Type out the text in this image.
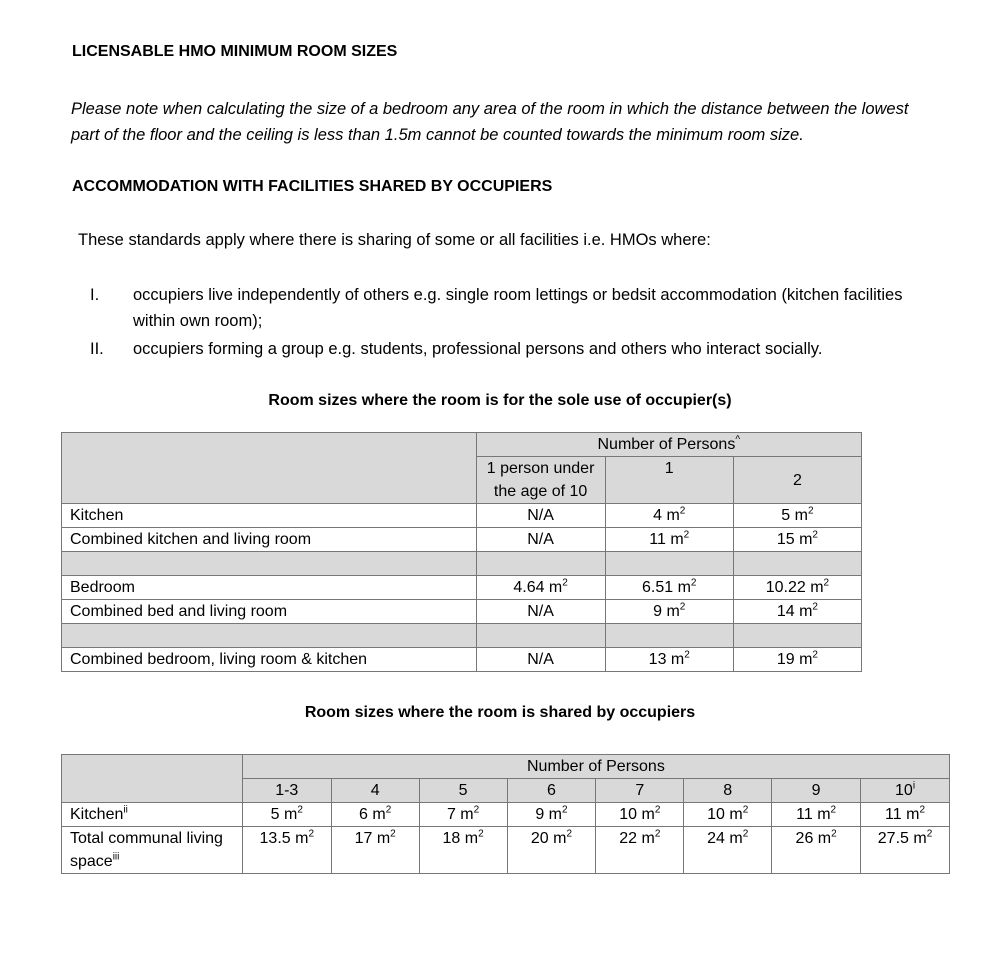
LICENSABLE HMO MINIMUM ROOM SIZES
Please note when calculating the size of a bedroom any area of the room in which the distance between the lowest part of the floor and the ceiling is less than 1.5m cannot be counted towards the minimum room size.
ACCOMMODATION WITH FACILITIES SHARED BY OCCUPIERS
These standards apply where there is sharing of some or all facilities i.e. HMOs where:
I. occupiers live independently of others e.g. single room lettings or bedsit accommodation (kitchen facilities within own room);
II. occupiers forming a group e.g. students, professional persons and others who interact socially.
Room sizes where the room is for the sole use of occupier(s)
	Number of Persons^
	1 person under the age of 10	1	2
Kitchen	N/A	4 $m^2$	5 $m^2$
Combined kitchen and living room	N/A	11 $m^2$	15 $m^2$

Bedroom	4.64 $m^2$	6.51 $m^2$	10.22 $m^2$
Combined bed and living room	N/A	9 $m^2$	14 $m^2$

Combined bedroom, living room & kitchen	N/A	13 $m^2$	19 $m^2$
Room sizes where the room is shared by occupiers
	Number of Persons							
	1-3	4	5	6	7	8	9	10$^i$
Kitchen$^{ii}$	5 $m^2$	6 $m^2$	7 $m^2$	9 $m^2$	10 $m^2$	10 $m^2$	11 $m^2$	11 $m^2$
Total communal living space$^{iii}$	13.5 $m^2$	17 $m^2$	18 $m^2$	20 $m^2$	22 $m^2$	24 $m^2$	26 $m^2$	27.5 $m^2$
